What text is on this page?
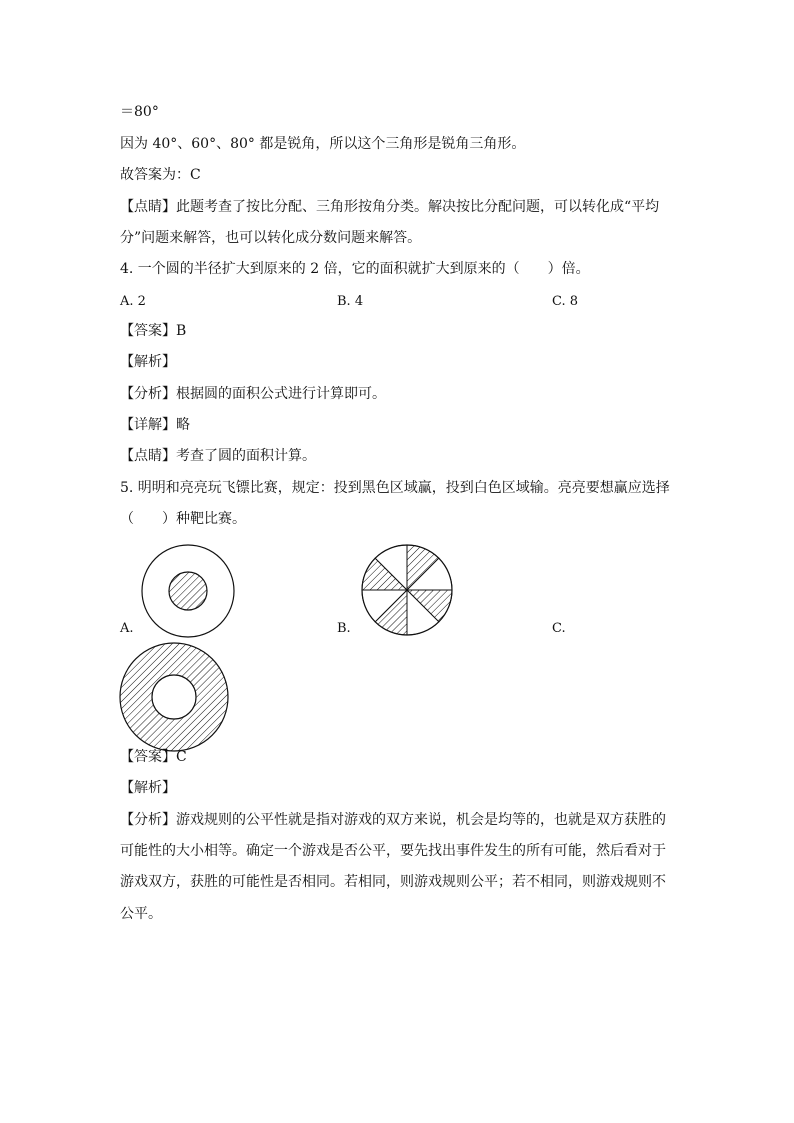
＝80°
因为 40°、60°、80° 都是锐角，所以这个三角形是锐角三角形。
故答案为：C
【点睛】此题考查了按比分配、三角形按角分类。解决按比分配问题，可以转化成“平均
分”问题来解答，也可以转化成分数问题来解答。
4. 一个圆的半径扩大到原来的 2 倍，它的面积就扩大到原来的（　　）倍。
A. 2	B. 4	C. 8
【答案】B
【解析】
【分析】根据圆的面积公式进行计算即可。
【详解】略
【点睛】考查了圆的面积计算。
5. 明明和亮亮玩飞镖比赛，规定：投到黑色区域赢，投到白色区域输。亮亮要想赢应选择
（　　）种靶比赛。
A.	B.	C.
【答案】C
【解析】
【分析】游戏规则的公平性就是指对游戏的双方来说，机会是均等的，也就是双方获胜的
可能性的大小相等。确定一个游戏是否公平，要先找出事件发生的所有可能，然后看对于
游戏双方，获胜的可能性是否相同。若相同，则游戏规则公平；若不相同，则游戏规则不
公平。
